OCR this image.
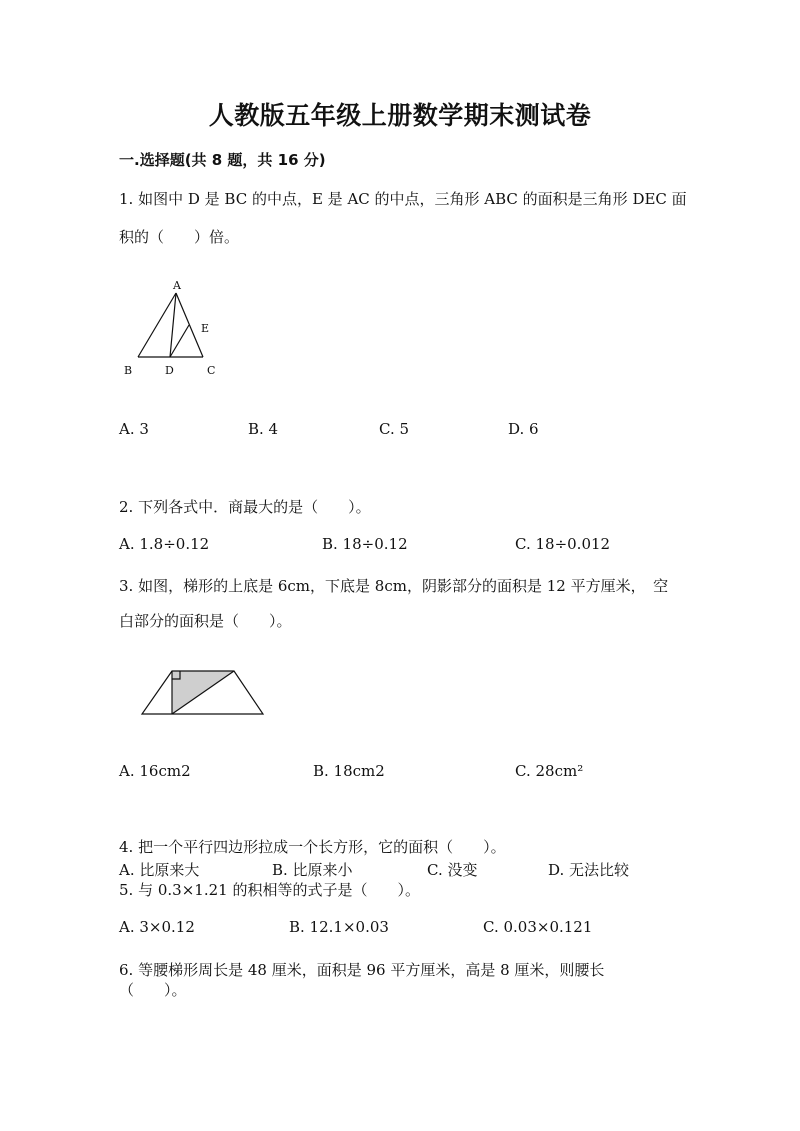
人教版五年级上册数学期末测试卷
一.选择题(共 8 题，共 16 分)
1. 如图中 D 是 BC 的中点，E 是 AC 的中点，三角形 ABC 的面积是三角形 DEC 面
积的（　　）倍。
A
E
B	D	C
A. 3	B. 4	C. 5	D. 6
2. 下列各式中．商最大的是（　　）。
A. 1.8÷0.12	B. 18÷0.12	C. 18÷0.012
3. 如图，梯形的上底是 6cm，下底是 8cm，阴影部分的面积是 12 平方厘米，　空
白部分的面积是（　　）。
A. 16cm2	B. 18cm2	C. 28cm²
4. 把一个平行四边形拉成一个长方形，它的面积（　　）。
A. 比原来大	B. 比原来小	C. 没变	D. 无法比较
5. 与 0.3×1.21 的积相等的式子是（　　）。
A. 3×0.12	B. 12.1×0.03	C. 0.03×0.121
6. 等腰梯形周长是 48 厘米，面积是 96 平方厘米，高是 8 厘米，则腰长
（　　）。
